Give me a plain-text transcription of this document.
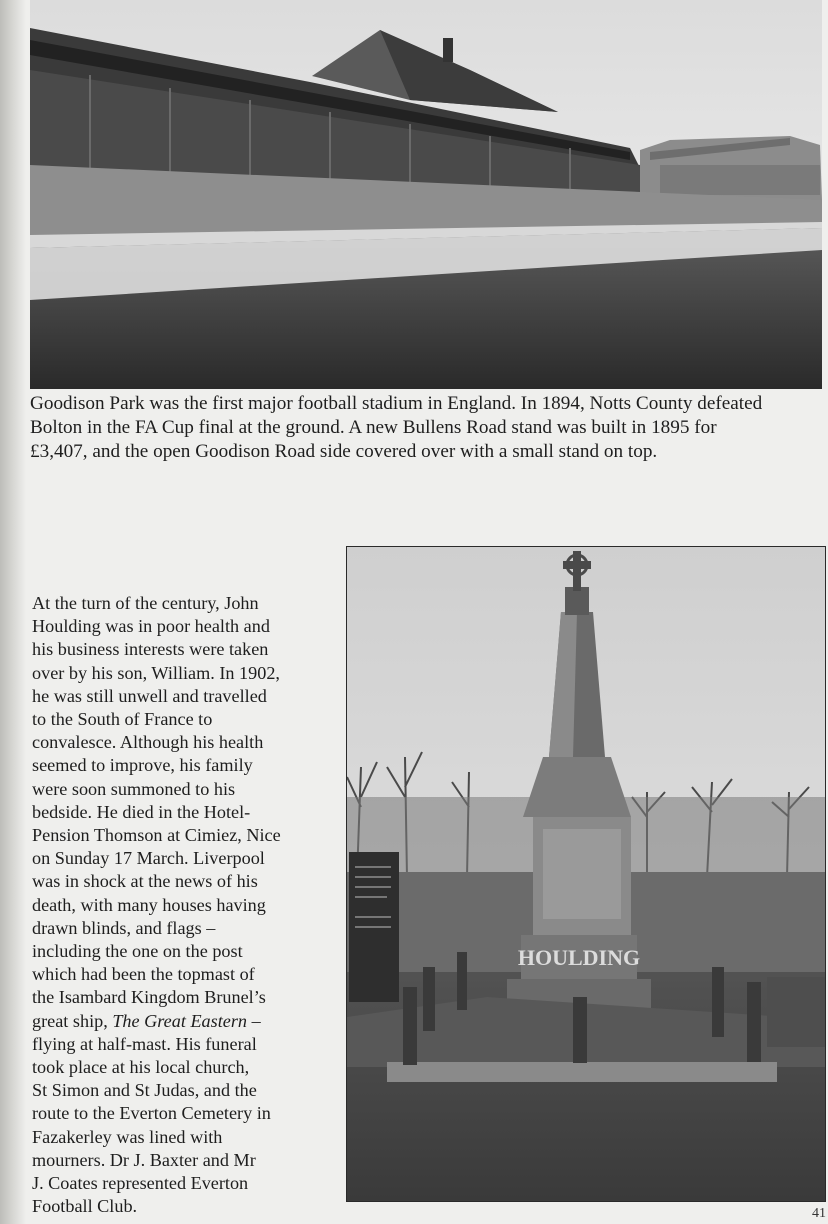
Goodison Park was the first major football stadium in England. In 1894, Notts County defeated
Bolton in the FA Cup final at the ground. A new Bullens Road stand was built in 1895 for
£3,407, and the open Goodison Road side covered over with a small stand on top.

At the turn of the century, John
Houlding was in poor health and
his business interests were taken
over by his son, William. In 1902,
he was still unwell and travelled
to the South of France to
convalesce. Although his health
seemed to improve, his family
were soon summoned to his
bedside. He died in the Hotel-
Pension Thomson at Cimiez, Nice
on Sunday 17 March. Liverpool
was in shock at the news of his
death, with many houses having
drawn blinds, and flags –
including the one on the post
which had been the topmast of
the Isambard Kingdom Brunel’s
great ship, The Great Eastern –
flying at half-mast. His funeral
took place at his local church,
St Simon and St Judas, and the
route to the Everton Cemetery in
Fazakerley was lined with
mourners. Dr J. Baxter and Mr
J. Coates represented Everton
Football Club.
HOULDING
41
